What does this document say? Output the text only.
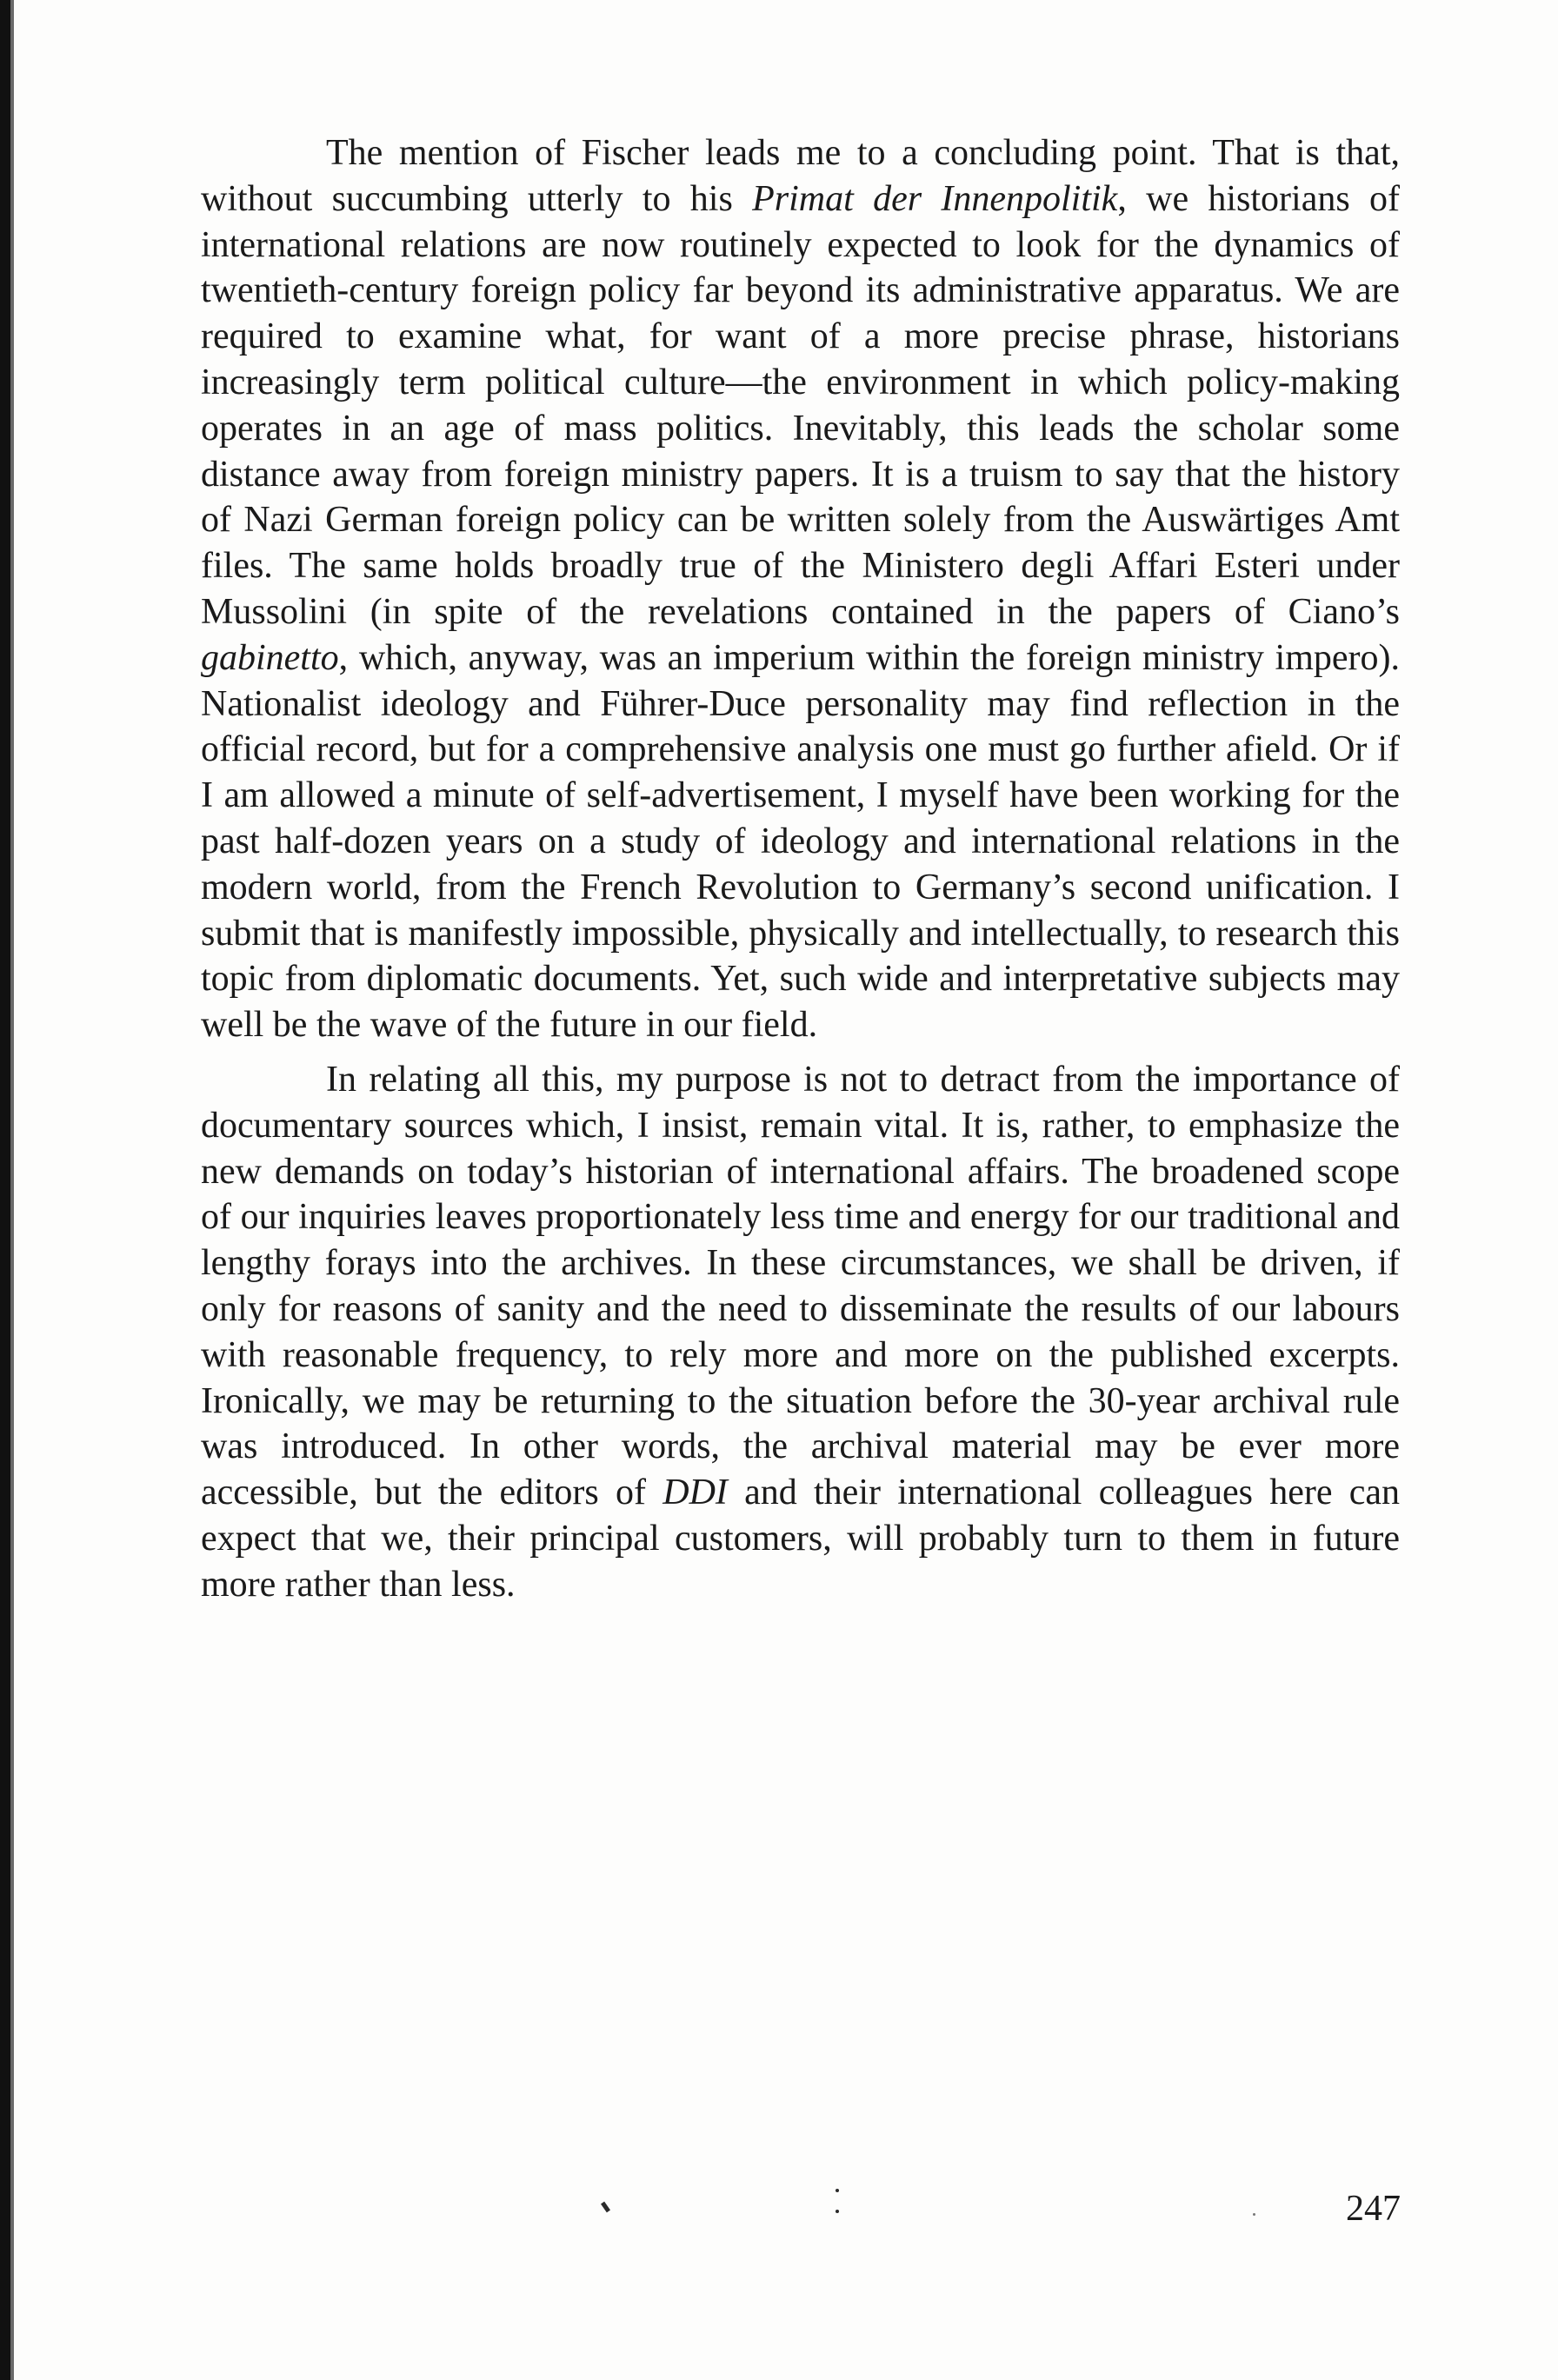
The mention of Fischer leads me to a concluding point. That is that, without succumbing utterly to his Primat der Innenpolitik, we historians of international relations are now routinely expected to look for the dynamics of twentieth-century foreign policy far beyond its administrative apparatus. We are required to examine what, for want of a more precise phrase, historians increasingly term political culture—the environment in which policy-making operates in an age of mass politics. Inevitably, this leads the scholar some distance away from foreign ministry papers. It is a truism to say that the history of Nazi German foreign policy can be written solely from the Auswärtiges Amt files. The same holds broadly true of the Ministero degli Affari Esteri under Mussolini (in spite of the revelations contained in the papers of Ciano’s gabinetto, which, anyway, was an imperium within the foreign ministry impero). Nationalist ideology and Führer-Duce personality may find reflection in the official record, but for a comprehensive analysis one must go further afield. Or if I am allowed a minute of self-advertisement, I myself have been working for the past half-dozen years on a study of ideology and international relations in the modern world, from the French Revolution to Germany’s second unification. I submit that is manifestly impossible, physically and intellectually, to research this topic from diplomatic documents. Yet, such wide and interpretative subjects may well be the wave of the future in our field.

In relating all this, my purpose is not to detract from the importance of documentary sources which, I insist, remain vital. It is, rather, to emphasize the new demands on today’s historian of international affairs. The broadened scope of our inquiries leaves proportionately less time and energy for our traditional and lengthy forays into the archives. In these circumstances, we shall be driven, if only for reasons of sanity and the need to disseminate the results of our labours with reasonable frequency, to rely more and more on the published excerpts. Ironically, we may be returning to the situation before the 30-year archival rule was introduced. In other words, the archival material may be ever more accessible, but the editors of DDI and their international colleagues here can expect that we, their principal customers, will probably turn to them in future more rather than less.

247
